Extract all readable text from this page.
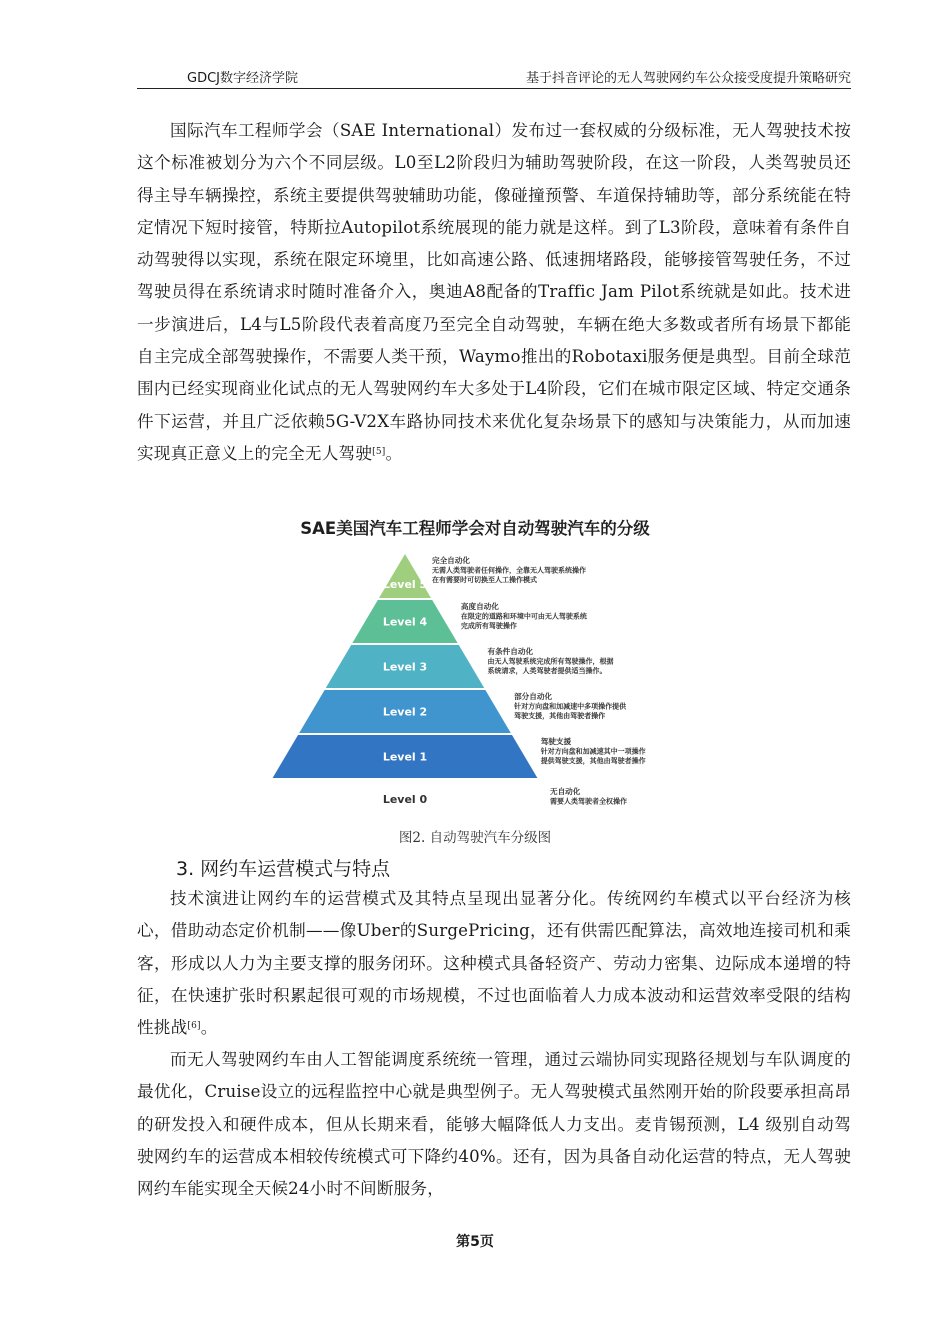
GDCJ数字经济学院	基于抖音评论的无人驾驶网约车公众接受度提升策略研究

国际汽车工程师学会（SAE International）发布过一套权威的分级标准，无人驾驶技术按这个标准被划分为六个不同层级。L0至L2阶段归为辅助驾驶阶段，在这一阶段，人类驾驶员还得主导车辆操控，系统主要提供驾驶辅助功能，像碰撞预警、车道保持辅助等，部分系统能在特定情况下短时接管，特斯拉Autopilot系统展现的能力就是这样。到了L3阶段，意味着有条件自动驾驶得以实现，系统在限定环境里，比如高速公路、低速拥堵路段，能够接管驾驶任务，不过驾驶员得在系统请求时随时准备介入，奥迪A8配备的Traffic Jam Pilot系统就是如此。技术进一步演进后，L4与L5阶段代表着高度乃至完全自动驾驶，车辆在绝大多数或者所有场景下都能自主完成全部驾驶操作，不需要人类干预，Waymo推出的Robotaxi服务便是典型。目前全球范围内已经实现商业化试点的无人驾驶网约车大多处于L4阶段，它们在城市限定区域、特定交通条件下运营，并且广泛依赖5G-V2X车路协同技术来优化复杂场景下的感知与决策能力，从而加速实现真正意义上的完全无人驾驶[5]。

SAE美国汽车工程师学会对自动驾驶汽车的分级
Level 5
Level 4
Level 3
Level 2
Level 1
Level 0
完全自动化
无需人类驾驶者任何操作，全靠无人驾驶系统操作
在有需要时可切换至人工操作模式
高度自动化
在限定的道路和环境中可由无人驾驶系统
完成所有驾驶操作
有条件自动化
由无人驾驶系统完成所有驾驶操作，根据
系统请求，人类驾驶者提供适当操作。
部分自动化
针对方向盘和加减速中多项操作提供
驾驶支援，其他由驾驶者操作
驾驶支援
针对方向盘和加减速其中一项操作
提供驾驶支援，其他由驾驶者操作
无自动化
需要人类驾驶者全权操作
图2. 自动驾驶汽车分级图
3. 网约车运营模式与特点

技术演进让网约车的运营模式及其特点呈现出显著分化。传统网约车模式以平台经济为核心，借助动态定价机制——像Uber的SurgePricing，还有供需匹配算法，高效地连接司机和乘客，形成以人力为主要支撑的服务闭环。这种模式具备轻资产、劳动力密集、边际成本递增的特征，在快速扩张时积累起很可观的市场规模，不过也面临着人力成本波动和运营效率受限的结构性挑战[6]。

而无人驾驶网约车由人工智能调度系统统一管理，通过云端协同实现路径规划与车队调度的最优化，Cruise设立的远程监控中心就是典型例子。无人驾驶模式虽然刚开始的阶段要承担高昂的研发投入和硬件成本，但从长期来看，能够大幅降低人力支出。麦肯锡预测，L4 级别自动驾驶网约车的运营成本相较传统模式可下降约40%。还有，因为具备自动化运营的特点，无人驾驶网约车能实现全天候24小时不间断服务，

第5页
